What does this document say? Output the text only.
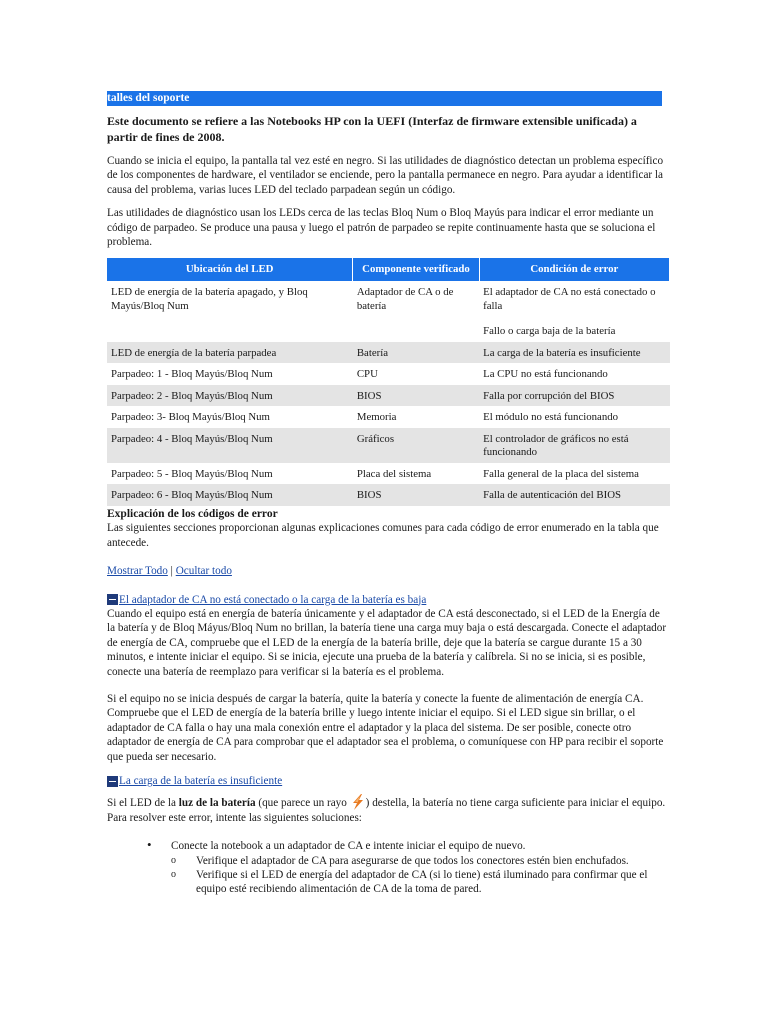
talles del soporte

Este documento se refiere a las Notebooks HP con la UEFI (Interfaz de firmware extensible unificada) a partir de fines de 2008.

Cuando se inicia el equipo, la pantalla tal vez esté en negro. Si las utilidades de diagnóstico detectan un problema específico de los componentes de hardware, el ventilador se enciende, pero la pantalla permanece en negro. Para ayudar a identificar la causa del problema, varias luces LED del teclado parpadean según un código.

Las utilidades de diagnóstico usan los LEDs cerca de las teclas Bloq Num o Bloq Mayús para indicar el error mediante un código de parpadeo. Se produce una pausa y luego el patrón de parpadeo se repite continuamente hasta que se soluciona el problema.

Ubicación del LED	Componente verificado	Condición de error
LED de energía de la batería apagado, y Bloq Mayús/Bloq Num	Adaptador de CA o de batería	El adaptador de CA no está conectado o falla
Fallo o carga baja de la batería

LED de energía de la batería parpadea	Batería	La carga de la batería es insuficiente
Parpadeo: 1 - Bloq Mayús/Bloq Num	CPU	La CPU no está funcionando
Parpadeo: 2 - Bloq Mayús/Bloq Num	BIOS	Falla por corrupción del BIOS
Parpadeo: 3- Bloq Mayús/Bloq Num	Memoria	El módulo no está funcionando
Parpadeo: 4 - Bloq Mayús/Bloq Num	Gráficos	El controlador de gráficos no está funcionando
Parpadeo: 5 - Bloq Mayús/Bloq Num	Placa del sistema	Falla general de la placa del sistema
Parpadeo: 6 - Bloq Mayús/Bloq Num	BIOS	Falla de autenticación del BIOS
Explicación de los códigos de error

Las siguientes secciones proporcionan algunas explicaciones comunes para cada código de error enumerado en la tabla que antecede.

Mostrar Todo | Ocultar todo
El adaptador de CA no está conectado o la carga de la batería es baja

Cuando el equipo está en energía de batería únicamente y el adaptador de CA está desconectado, si el LED de la Energía de la batería y de Bloq Máyus/Bloq Num no brillan, la batería tiene una carga muy baja o está descargada. Conecte el adaptador de energía de CA, compruebe que el LED de la energía de la batería brille, deje que la batería se cargue durante 15 a 30 minutos, e intente iniciar el equipo. Si se inicia, ejecute una prueba de la batería y calíbrela. Si no se inicia, si es posible, conecte una batería de reemplazo para verificar si la batería es el problema.

Si el equipo no se inicia después de cargar la batería, quite la batería y conecte la fuente de alimentación de energía CA. Compruebe que el LED de energía de la batería brille y luego intente iniciar el equipo. Si el LED sigue sin brillar, o el adaptador de CA falla o hay una mala conexión entre el adaptador y la placa del sistema. De ser posible, conecte otro adaptador de energía de CA para comprobar que el adaptador sea el problema, o comuníquese con HP para recibir el soporte que pueda ser necesario.

La carga de la batería es insuficiente

Si el LED de la luz de la batería (que parece un rayo ) destella, la batería no tiene carga suficiente para iniciar el equipo. Para resolver este error, intente las siguientes soluciones:

• Conecte la notebook a un adaptador de CA e intente iniciar el equipo de nuevo.
o Verifique el adaptador de CA para asegurarse de que todos los conectores estén bien enchufados.
o Verifique si el LED de energía del adaptador de CA (si lo tiene) está iluminado para confirmar que el equipo esté recibiendo alimentación de CA de la toma de pared.
